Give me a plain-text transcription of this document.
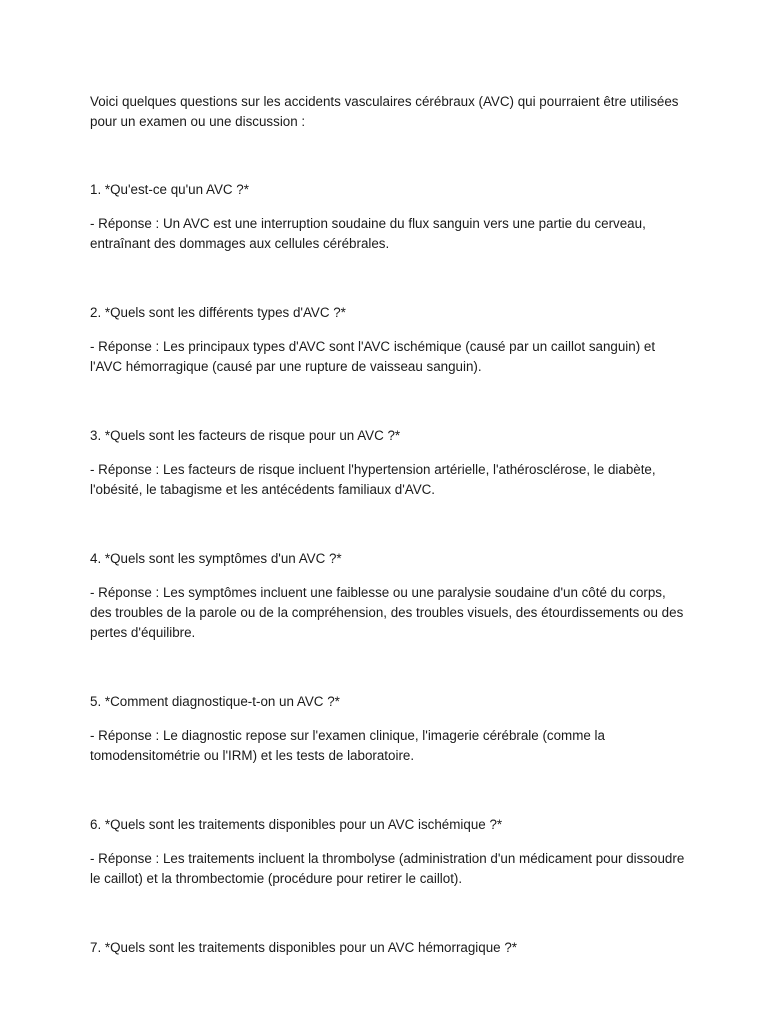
Voici quelques questions sur les accidents vasculaires cérébraux (AVC) qui pourraient être utilisées pour un examen ou une discussion :

1. *Qu'est-ce qu'un AVC ?*

- Réponse : Un AVC est une interruption soudaine du flux sanguin vers une partie du cerveau, entraînant des dommages aux cellules cérébrales.

2. *Quels sont les différents types d'AVC ?*

- Réponse : Les principaux types d'AVC sont l'AVC ischémique (causé par un caillot sanguin) et l'AVC hémorragique (causé par une rupture de vaisseau sanguin).

3. *Quels sont les facteurs de risque pour un AVC ?*

- Réponse : Les facteurs de risque incluent l'hypertension artérielle, l'athérosclérose, le diabète, l'obésité, le tabagisme et les antécédents familiaux d'AVC.

4. *Quels sont les symptômes d'un AVC ?*

- Réponse : Les symptômes incluent une faiblesse ou une paralysie soudaine d'un côté du corps, des troubles de la parole ou de la compréhension, des troubles visuels, des étourdissements ou des pertes d'équilibre.

5. *Comment diagnostique-t-on un AVC ?*

- Réponse : Le diagnostic repose sur l'examen clinique, l'imagerie cérébrale (comme la tomodensitométrie ou l'IRM) et les tests de laboratoire.

6. *Quels sont les traitements disponibles pour un AVC ischémique ?*

- Réponse : Les traitements incluent la thrombolyse (administration d'un médicament pour dissoudre le caillot) et la thrombectomie (procédure pour retirer le caillot).

7. *Quels sont les traitements disponibles pour un AVC hémorragique ?*
